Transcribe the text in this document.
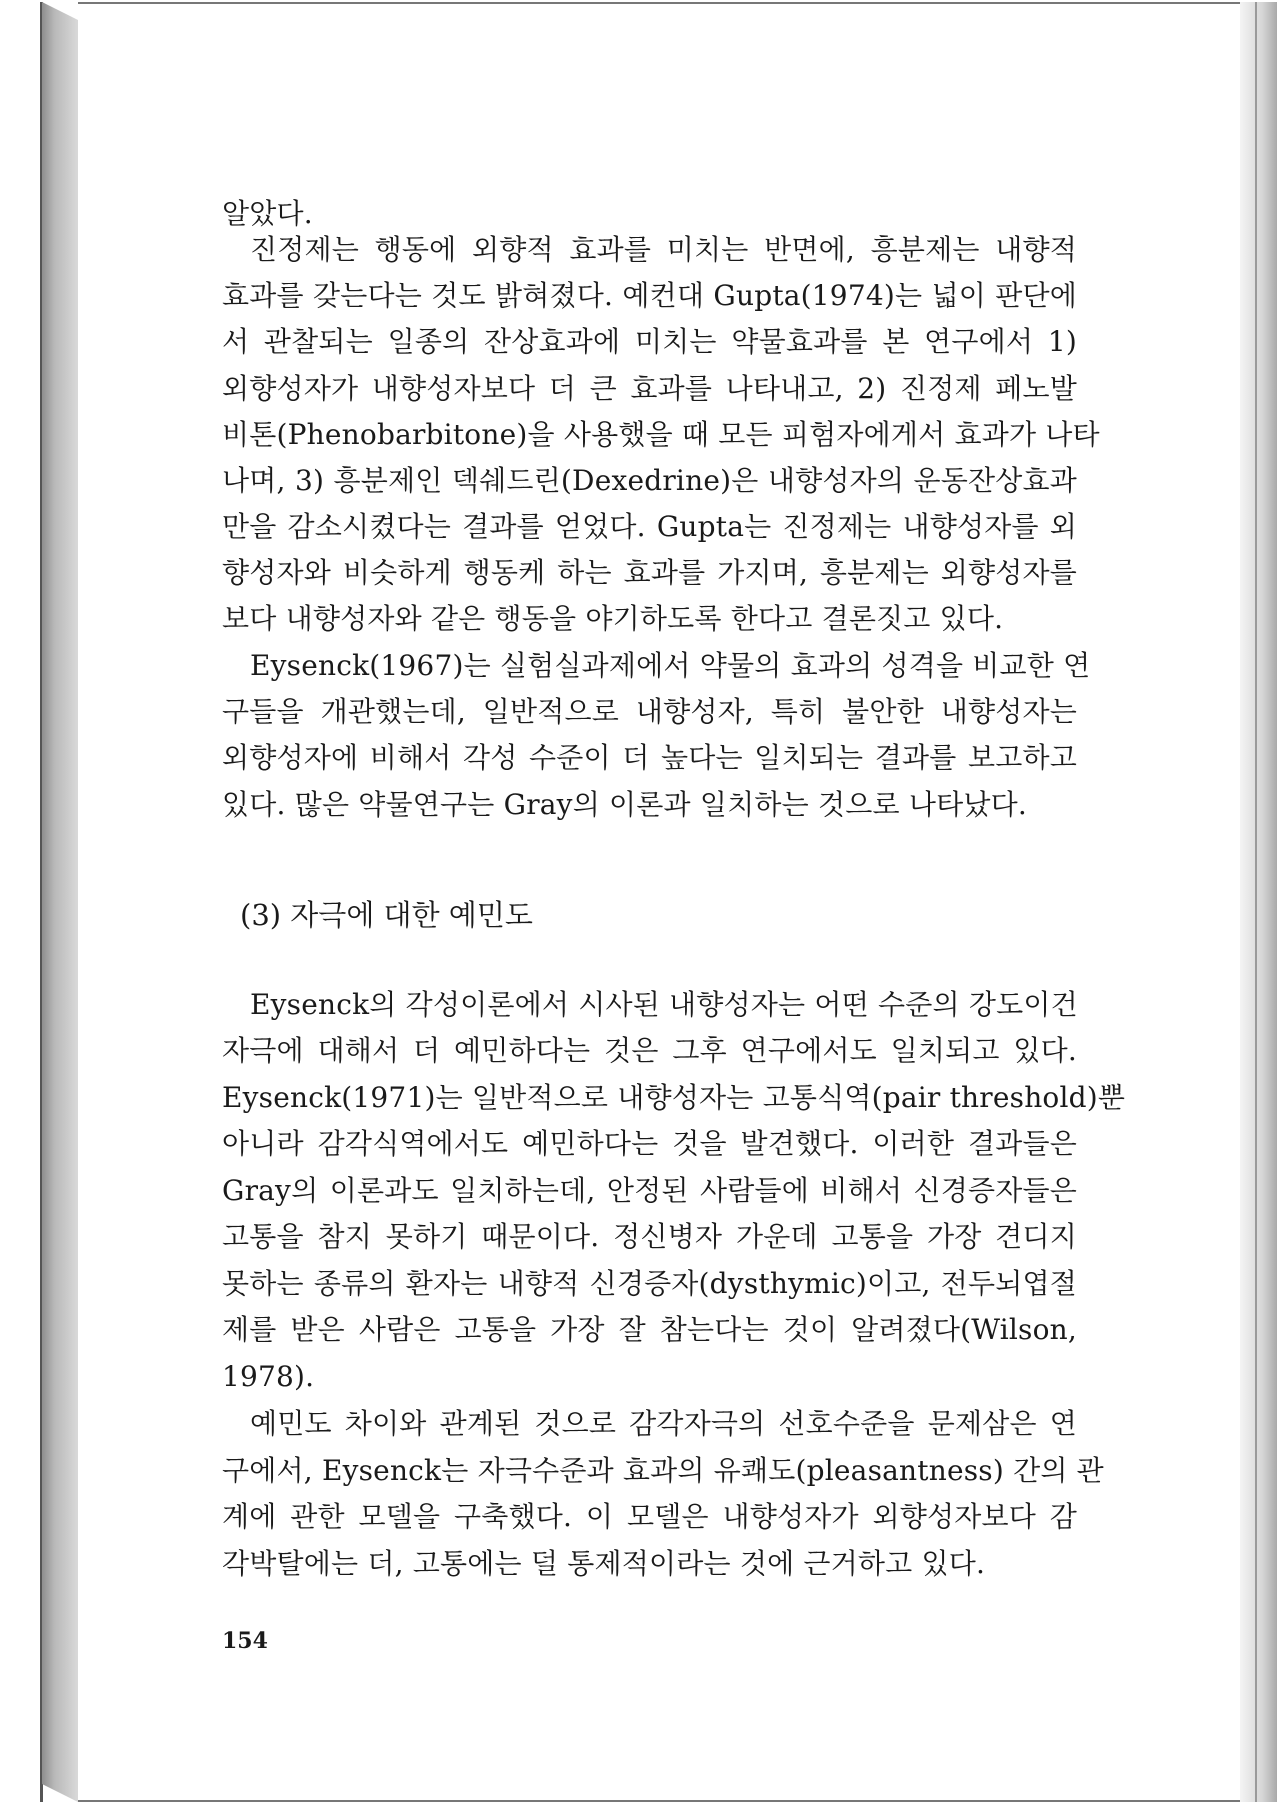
알았다.
진정제는 행동에 외향적 효과를 미치는 반면에, 흥분제는 내향적
효과를 갖는다는 것도 밝혀졌다. 예컨대 Gupta(1974)는 넓이 판단에
서 관찰되는 일종의 잔상효과에 미치는 약물효과를 본 연구에서 1)
외향성자가 내향성자보다 더 큰 효과를 나타내고, 2) 진정제 페노발
비톤(Phenobarbitone)을 사용했을 때 모든 피험자에게서 효과가 나타
나며, 3) 흥분제인 덱쉐드린(Dexedrine)은 내향성자의 운동잔상효과
만을 감소시켰다는 결과를 얻었다. Gupta는 진정제는 내향성자를 외
향성자와 비슷하게 행동케 하는 효과를 가지며, 흥분제는 외향성자를
보다 내향성자와 같은 행동을 야기하도록 한다고 결론짓고 있다.
Eysenck(1967)는 실험실과제에서 약물의 효과의 성격을 비교한 연
구들을 개관했는데, 일반적으로 내향성자, 특히 불안한 내향성자는
외향성자에 비해서 각성 수준이 더 높다는 일치되는 결과를 보고하고
있다. 많은 약물연구는 Gray의 이론과 일치하는 것으로 나타났다.
(3) 자극에 대한 예민도
Eysenck의 각성이론에서 시사된 내향성자는 어떤 수준의 강도이건
자극에 대해서 더 예민하다는 것은 그후 연구에서도 일치되고 있다.
Eysenck(1971)는 일반적으로 내향성자는 고통식역(pair threshold)뿐
아니라 감각식역에서도 예민하다는 것을 발견했다. 이러한 결과들은
Gray의 이론과도 일치하는데, 안정된 사람들에 비해서 신경증자들은
고통을 참지 못하기 때문이다. 정신병자 가운데 고통을 가장 견디지
못하는 종류의 환자는 내향적 신경증자(dysthymic)이고, 전두뇌엽절
제를 받은 사람은 고통을 가장 잘 참는다는 것이 알려졌다(Wilson,
1978).
예민도 차이와 관계된 것으로 감각자극의 선호수준을 문제삼은 연
구에서, Eysenck는 자극수준과 효과의 유쾌도(pleasantness) 간의 관
계에 관한 모델을 구축했다. 이 모델은 내향성자가 외향성자보다 감
각박탈에는 더, 고통에는 덜 통제적이라는 것에 근거하고 있다.
154
